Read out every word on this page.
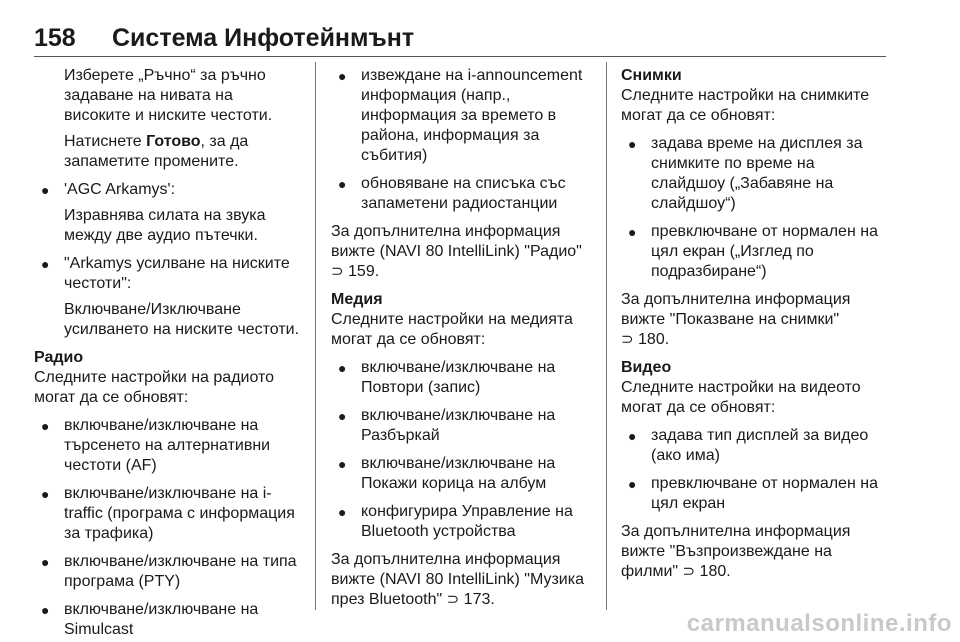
158 Система Инфотейнмънт

Изберете „Ръчно“ за ръчно задаване на нивата на високите и ниските честоти.

Натиснете Готово, за да запаметите промените.

● 'AGC Arkamys':

Изравнява силата на звука между две аудио пътечки.

● "Arkamys усилване на ниските честоти":

Включване/Изключване усилването на ниските честоти.

Радио

Следните настройки на радиото могат да се обновят:

● включване/изключване на търсенето на алтернативни честоти (AF)
● включване/изключване на i-traffic (програма с информация за трафика)
● включване/изключване на типа програма (PTY)
● включване/изключване на Simulcast
● извеждане на i-announcement информация (напр., информация за времето в района, информация за събития)
● обновяване на списъка със запаметени радиостанции

За допълнителна информация вижте (NAVI 80 IntelliLink) "Радио"
⊃ 159.

Медия

Следните настройки на медията могат да се обновят:

● включване/изключване на Повтори (запис)
● включване/изключване на Разбъркай
● включване/изключване на Покажи корица на албум
● конфигурира Управление на Bluetooth устройства

За допълнителна информация вижте (NAVI 80 IntelliLink) "Музика през Bluetooth" ⊃ 173.

Снимки

Следните настройки на снимките могат да се обновят:

● задава време на дисплея за снимките по време на слайдшоу („Забавяне на слайдшоу“)
● превключване от нормален на цял екран („Изглед по подразбиране“)

За допълнителна информация вижте "Показване на снимки"
⊃ 180.

Видео

Следните настройки на видеото могат да се обновят:

● задава тип дисплей за видео (ако има)
● превключване от нормален на цял екран

За допълнителна информация вижте "Възпроизвеждане на филми" ⊃ 180.

carmanualsonline.info
